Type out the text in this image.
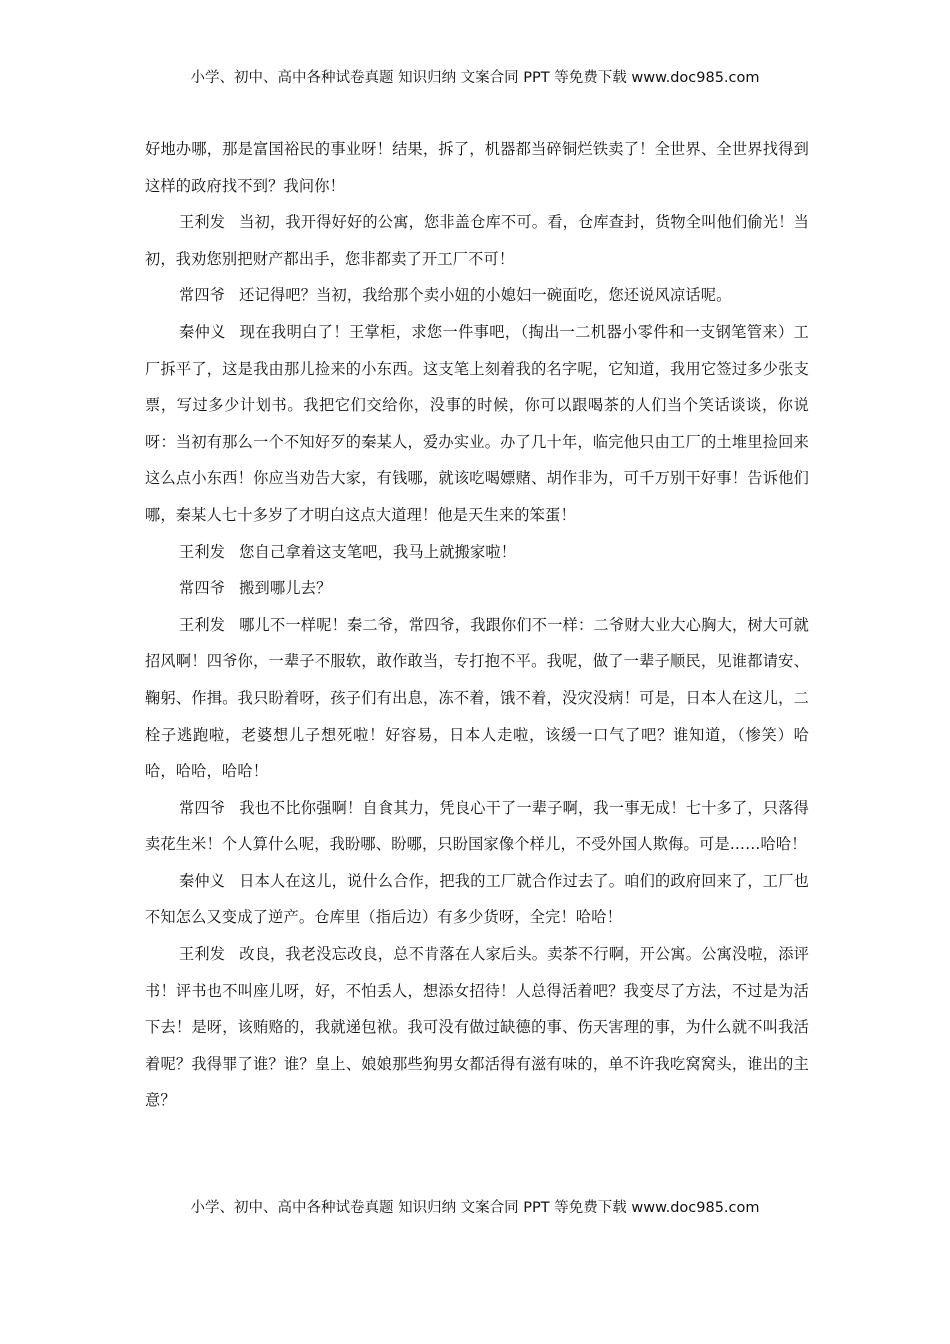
小学、初中、高中各种试卷真题 知识归纳 文案合同 PPT 等免费下载 www.doc985.com

好地办哪，那是富国裕民的事业呀！结果，拆了，机器都当碎铜烂铁卖了！全世界、全世界找得到这样的政府找不到？我问你！

王利发 当初，我开得好好的公寓，您非盖仓库不可。看，仓库查封，货物全叫他们偷光！当初，我劝您别把财产都出手，您非都卖了开工厂不可！

常四爷 还记得吧？当初，我给那个卖小妞的小媳妇一碗面吃，您还说风凉话呢。

秦仲义 现在我明白了！王掌柜，求您一件事吧，（掏出一二机器小零件和一支钢笔管来）工厂拆平了，这是我由那儿捡来的小东西。这支笔上刻着我的名字呢，它知道，我用它签过多少张支票，写过多少计划书。我把它们交给你，没事的时候，你可以跟喝茶的人们当个笑话谈谈，你说呀：当初有那么一个不知好歹的秦某人，爱办实业。办了几十年，临完他只由工厂的土堆里捡回来这么点小东西！你应当劝告大家，有钱哪，就该吃喝嫖赌、胡作非为，可千万别干好事！告诉他们哪，秦某人七十多岁了才明白这点大道理！他是天生来的笨蛋！

王利发 您自己拿着这支笔吧，我马上就搬家啦！

常四爷 搬到哪儿去？

王利发 哪儿不一样呢！秦二爷，常四爷，我跟你们不一样：二爷财大业大心胸大，树大可就招风啊！四爷你，一辈子不服软，敢作敢当，专打抱不平。我呢，做了一辈子顺民，见谁都请安、鞠躬、作揖。我只盼着呀，孩子们有出息，冻不着，饿不着，没灾没病！可是，日本人在这儿，二栓子逃跑啦，老婆想儿子想死啦！好容易，日本人走啦，该缓一口气了吧？谁知道，（惨笑）哈哈，哈哈，哈哈！

常四爷 我也不比你强啊！自食其力，凭良心干了一辈子啊，我一事无成！七十多了，只落得卖花生米！个人算什么呢，我盼哪、盼哪，只盼国家像个样儿，不受外国人欺侮。可是……哈哈！

秦仲义 日本人在这儿，说什么合作，把我的工厂就合作过去了。咱们的政府回来了，工厂也不知怎么又变成了逆产。仓库里（指后边）有多少货呀，全完！哈哈！

王利发 改良，我老没忘改良，总不肯落在人家后头。卖茶不行啊，开公寓。公寓没啦，添评书！评书也不叫座儿呀，好，不怕丢人，想添女招待！人总得活着吧？我变尽了方法，不过是为活下去！是呀，该贿赂的，我就递包袱。我可没有做过缺德的事、伤天害理的事，为什么就不叫我活着呢？我得罪了谁？谁？皇上、娘娘那些狗男女都活得有滋有味的，单不许我吃窝窝头，谁出的主意？

小学、初中、高中各种试卷真题 知识归纳 文案合同 PPT 等免费下载 www.doc985.com
